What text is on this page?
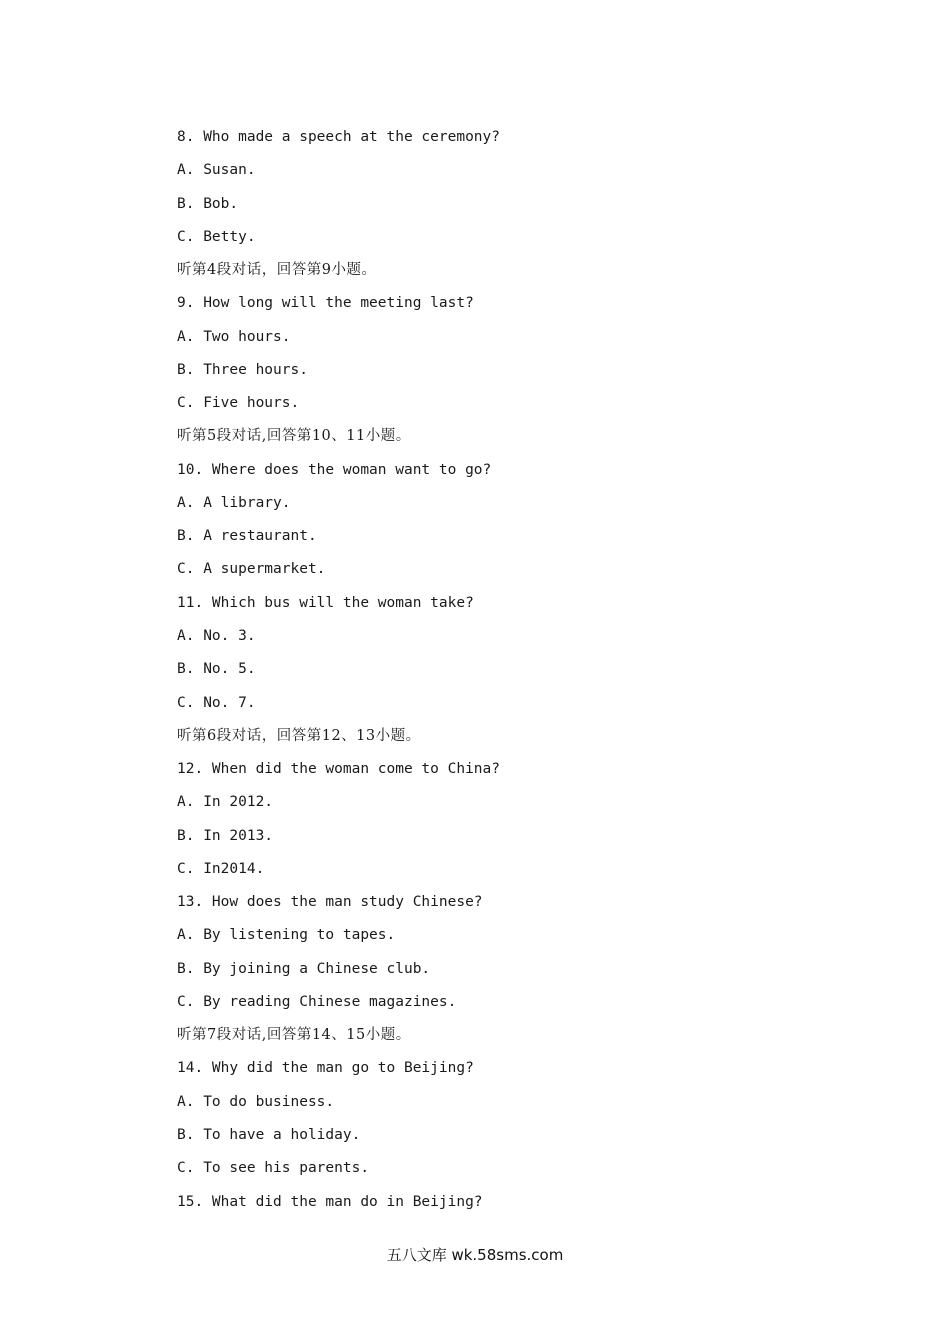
8. Who made a speech at the ceremony?
A. Susan.
B. Bob.
C. Betty.
听第4段对话，回答第9小题。
9. How long will the meeting last?
A. Two hours.
B. Three hours.
C. Five hours.
听第5段对话,回答第10、11小题。
10. Where does the woman want to go?
A. A library.
B. A restaurant.
C. A supermarket.
11. Which bus will the woman take?
A. No. 3.
B. No. 5.
C. No. 7.
听第6段对话，回答第12、13小题。
12. When did the woman come to China?
A. In 2012.
B. In 2013.
C. In2014.
13. How does the man study Chinese?
A. By listening to tapes.
B. By joining a Chinese club.
C. By reading Chinese magazines.
听第7段对话,回答第14、15小题。
14. Why did the man go to Beijing?
A. To do business.
B. To have a holiday.
C. To see his parents.
15. What did the man do in Beijing?
五八文库 wk.58sms.com
